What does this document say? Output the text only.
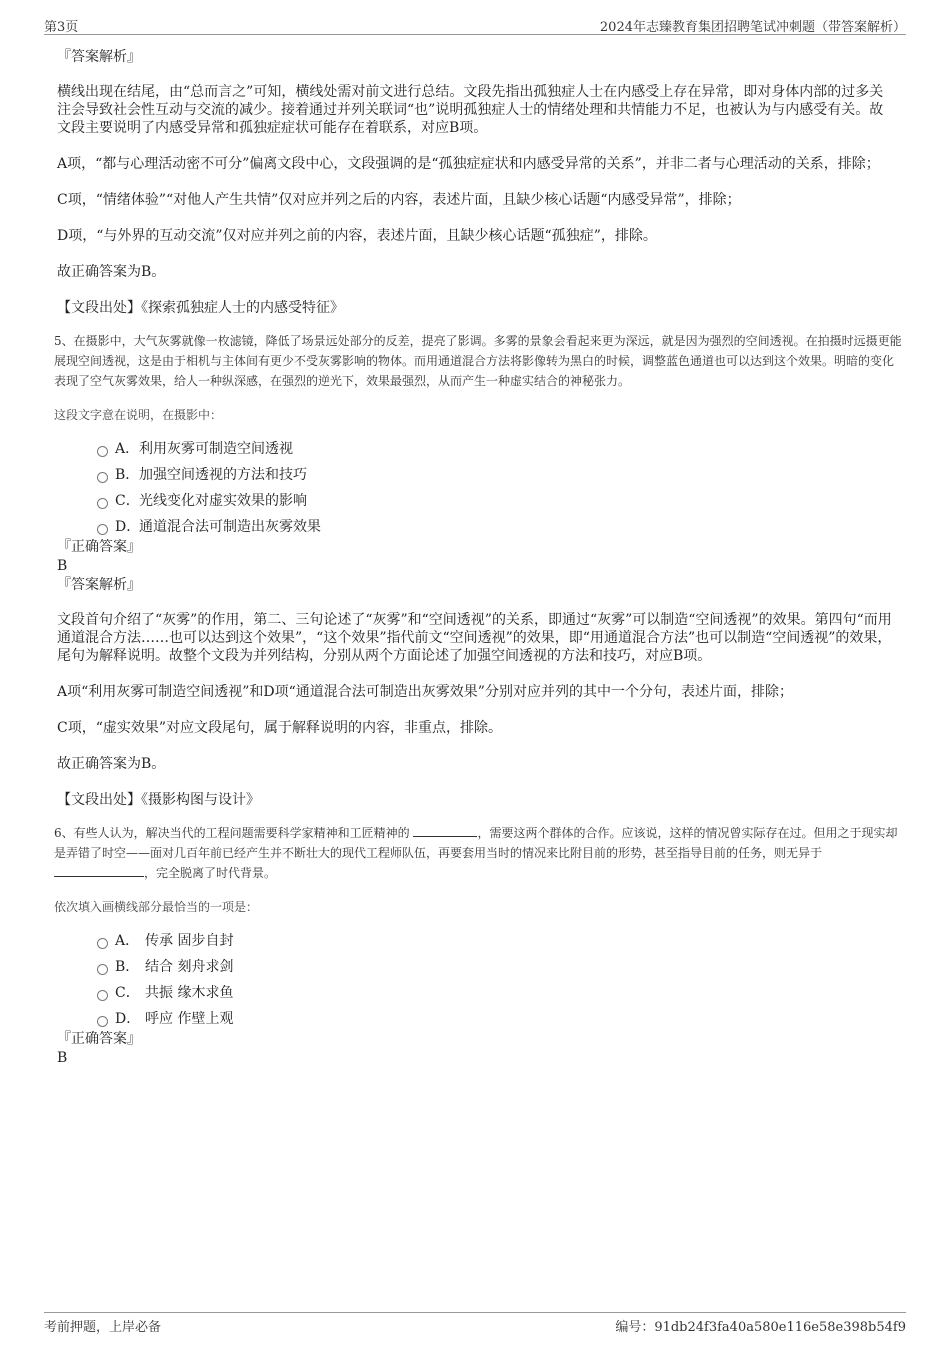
第3页	2024年志臻教育集团招聘笔试冲刺题（带答案解析）

『答案解析』

横线出现在结尾，由“总而言之”可知，横线处需对前文进行总结。文段先指出孤独症人士在内感受上存在异常，即对身体内部的过多关注会导致社会性互动与交流的减少。接着通过并列关联词“也”说明孤独症人士的情绪处理和共情能力不足，也被认为与内感受有关。故文段主要说明了内感受异常和孤独症症状可能存在着联系，对应B项。

A项，“都与心理活动密不可分”偏离文段中心，文段强调的是“孤独症症状和内感受异常的关系”，并非二者与心理活动的关系，排除；

C项，“情绪体验”“对他人产生共情”仅对应并列之后的内容，表述片面，且缺少核心话题“内感受异常”，排除；

D项，“与外界的互动交流”仅对应并列之前的内容，表述片面，且缺少核心话题“孤独症”，排除。

故正确答案为B。

【文段出处】《探索孤独症人士的内感受特征》

5、在摄影中，大气灰雾就像一枚滤镜，降低了场景远处部分的反差，提亮了影调。多雾的景象会看起来更为深远，就是因为强烈的空间透视。在拍摄时远摄更能展现空间透视，这是由于相机与主体间有更少不受灰雾影响的物体。而用通道混合方法将影像转为黑白的时候，调整蓝色通道也可以达到这个效果。明暗的变化表现了空气灰雾效果，给人一种纵深感，在强烈的逆光下，效果最强烈，从而产生一种虚实结合的神秘张力。

这段文字意在说明，在摄影中：

A．利用灰雾可制造空间透视
B．加强空间透视的方法和技巧
C．光线变化对虚实效果的影响
D．通道混合法可制造出灰雾效果

『正确答案』

B

『答案解析』

文段首句介绍了“灰雾”的作用，第二、三句论述了“灰雾”和“空间透视”的关系，即通过“灰雾”可以制造“空间透视”的效果。第四句“而用通道混合方法……也可以达到这个效果”，“这个效果”指代前文“空间透视”的效果，即“用通道混合方法”也可以制造“空间透视”的效果，尾句为解释说明。故整个文段为并列结构，分别从两个方面论述了加强空间透视的方法和技巧，对应B项。

A项“利用灰雾可制造空间透视”和D项“通道混合法可制造出灰雾效果”分别对应并列的其中一个分句，表述片面，排除；

C项，“虚实效果”对应文段尾句，属于解释说明的内容，非重点，排除。

故正确答案为B。

【文段出处】《摄影构图与设计》

6、有些人认为，解决当代的工程问题需要科学家精神和工匠精神的	，需要这两个群体的合作。应该说，这样的情况曾实际存在过。但用之于现实却是弄错了时空——面对几百年前已经产生并不断壮大的现代工程师队伍，再要套用当时的情况来比附目前的形势，甚至指导目前的任务，则无异于 ，完全脱离了时代背景。

依次填入画横线部分最恰当的一项是：

A． 传承 固步自封
B． 结合 刻舟求剑
C． 共振 缘木求鱼
D． 呼应 作壁上观

『正确答案』

B

考前押题，上岸必备	编号：91db24f3fa40a580e116e58e398b54f9
